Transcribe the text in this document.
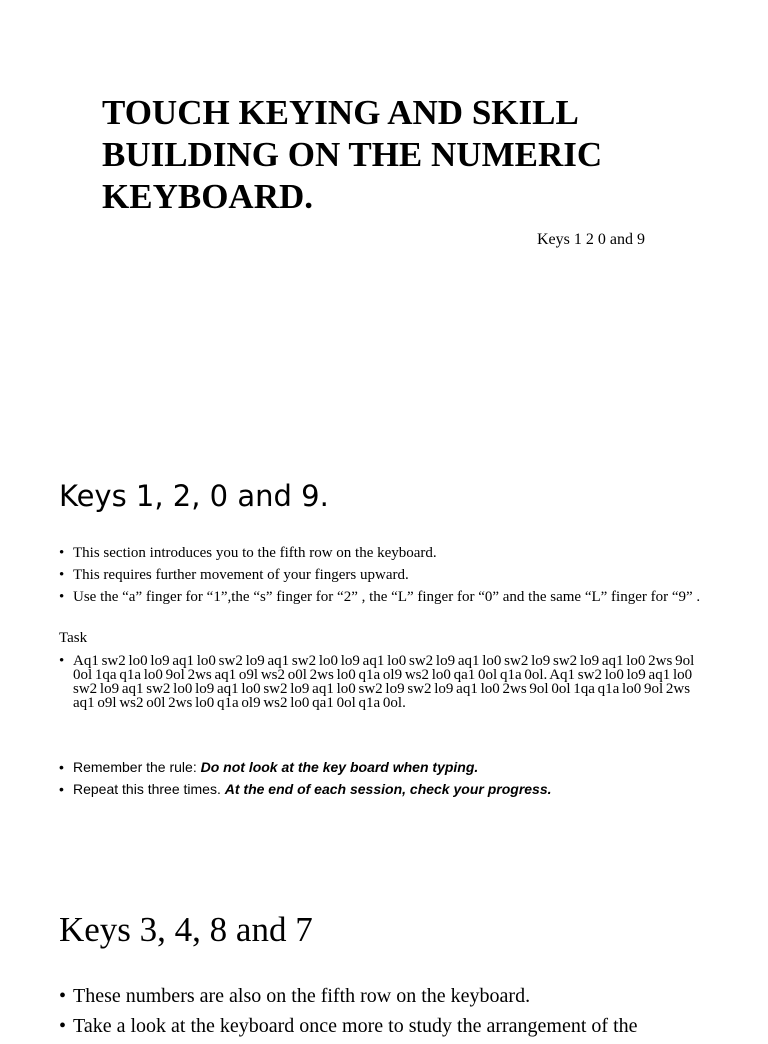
TOUCH KEYING AND SKILL BUILDING ON THE NUMERIC KEYBOARD.

Keys 1 2 0 and 9

Keys 1, 2, 0 and 9.
• This section introduces you to the fifth row on the keyboard.
• This requires further movement of your fingers upward.
• Use the “a” finger for “1”,the “s” finger for “2” , the “L” finger for “0” and the same “L” finger for “9” .

Task

• Aq1 sw2 lo0 lo9 aq1 lo0 sw2 lo9 aq1 sw2 lo0 lo9 aq1 lo0 sw2 lo9 aq1 lo0 sw2 lo9 sw2 lo9 aq1 lo0 2ws 9ol 0ol 1qa q1a lo0 9ol 2ws aq1 o9l ws2 o0l 2ws lo0 q1a ol9 ws2 lo0 qa1 0ol q1a 0ol. Aq1 sw2 lo0 lo9 aq1 lo0 sw2 lo9 aq1 sw2 lo0 lo9 aq1 lo0 sw2 lo9 aq1 lo0 sw2 lo9 sw2 lo9 aq1 lo0 2ws 9ol 0ol 1qa q1a lo0 9ol 2ws aq1 o9l ws2 o0l 2ws lo0 q1a ol9 ws2 lo0 qa1 0ol q1a 0ol.
• Remember the rule: Do not look at the key board when typing.
• Repeat this three times. At the end of each session, check your progress.
Keys 3, 4, 8 and 7
• These numbers are also on the fifth row on the keyboard.
• Take a look at the keyboard once more to study the arrangement of the
